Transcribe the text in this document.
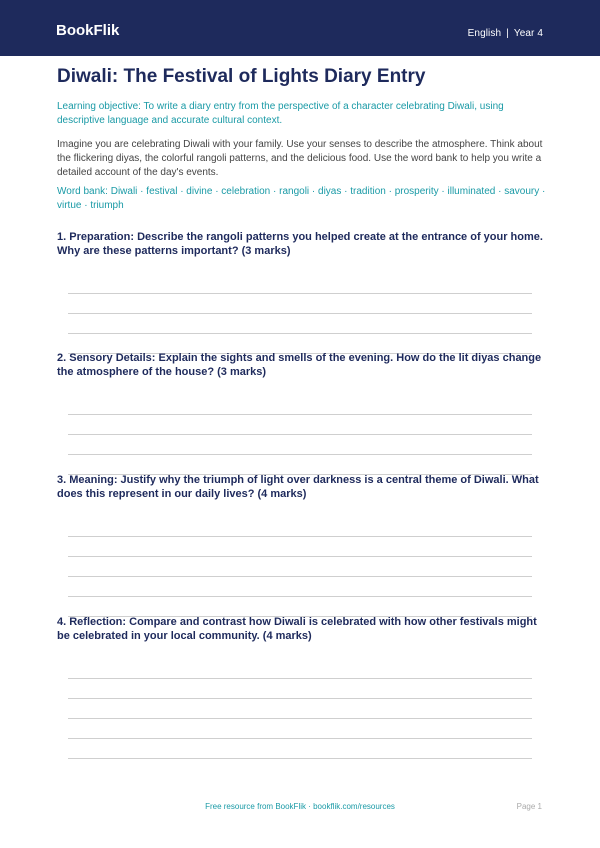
BookFlik	English | Year 4
Diwali: The Festival of Lights Diary Entry
Learning objective: To write a diary entry from the perspective of a character celebrating Diwali, using descriptive language and accurate cultural context.
Imagine you are celebrating Diwali with your family. Use your senses to describe the atmosphere. Think about the flickering diyas, the colorful rangoli patterns, and the delicious food. Use the word bank to help you write a detailed account of the day's events.
Word bank: Diwali · festival · divine · celebration · rangoli · diyas · tradition · prosperity · illuminated · savoury · virtue · triumph
1. Preparation: Describe the rangoli patterns you helped create at the entrance of your home. Why are these patterns important? (3 marks)
2. Sensory Details: Explain the sights and smells of the evening. How do the lit diyas change the atmosphere of the house? (3 marks)
3. Meaning: Justify why the triumph of light over darkness is a central theme of Diwali. What does this represent in our daily lives? (4 marks)
4. Reflection: Compare and contrast how Diwali is celebrated with how other festivals might be celebrated in your local community. (4 marks)
Free resource from BookFlik · bookflik.com/resources	Page 1
